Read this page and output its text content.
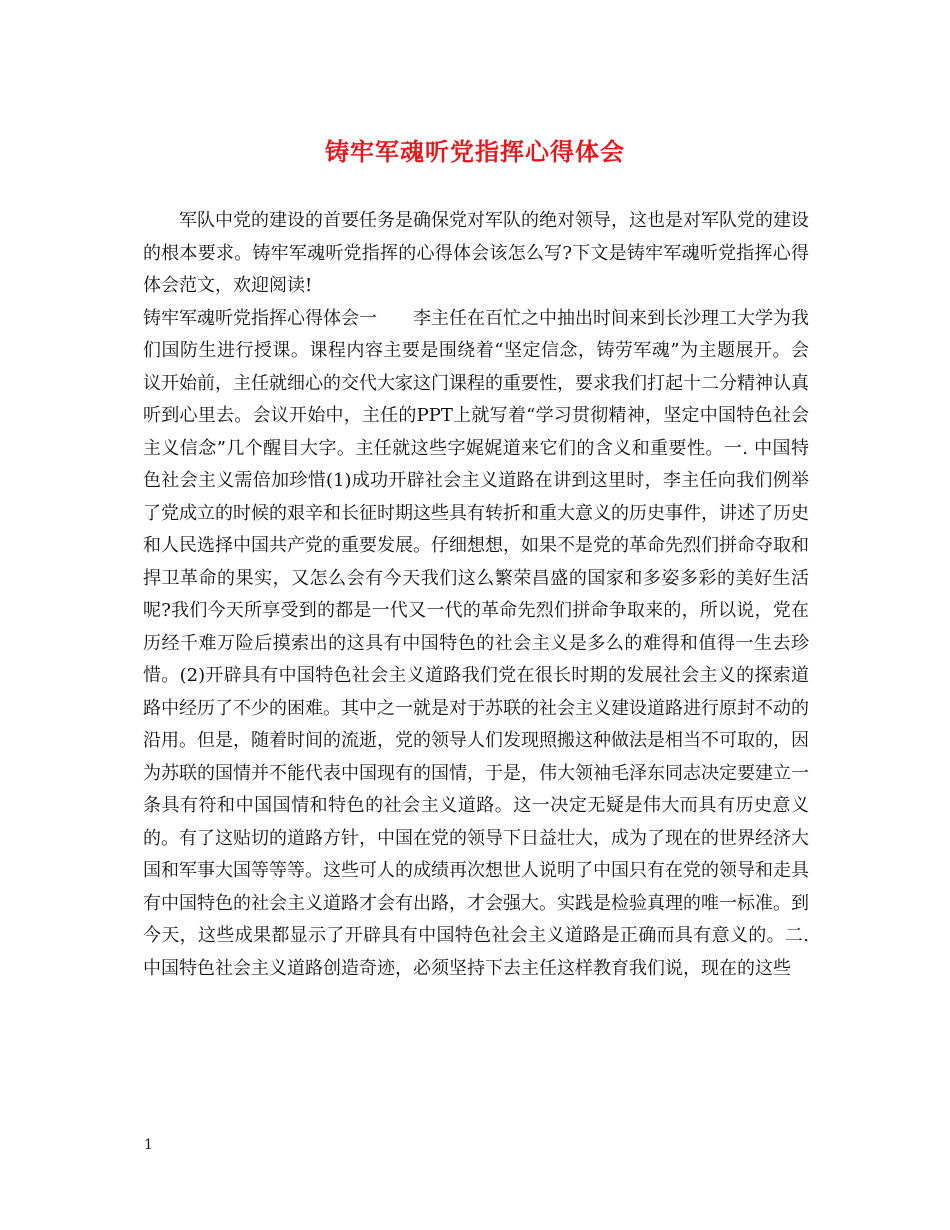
铸牢军魂听党指挥心得体会

军队中党的建设的首要任务是确保党对军队的绝对领导，这也是对军队党的建设的根本要求。铸牢军魂听党指挥的心得体会该怎么写?下文是铸牢军魂听党指挥心得体会范文，欢迎阅读!

铸牢军魂听党指挥心得体会一　　李主任在百忙之中抽出时间来到长沙理工大学为我们国防生进行授课。课程内容主要是围绕着“坚定信念，铸劳军魂”为主题展开。会议开始前，主任就细心的交代大家这门课程的重要性，要求我们打起十二分精神认真听到心里去。会议开始中，主任的PPT上就写着“学习贯彻精神，坚定中国特色社会主义信念”几个醒目大字。主任就这些字娓娓道来它们的含义和重要性。一. 中国特色社会主义需倍加珍惜(1)成功开辟社会主义道路在讲到这里时，李主任向我们例举了党成立的时候的艰辛和长征时期这些具有转折和重大意义的历史事件，讲述了历史和人民选择中国共产党的重要发展。仔细想想，如果不是党的革命先烈们拼命夺取和捍卫革命的果实，又怎么会有今天我们这么繁荣昌盛的国家和多姿多彩的美好生活呢?我们今天所享受到的都是一代又一代的革命先烈们拼命争取来的，所以说，党在历经千难万险后摸索出的这具有中国特色的社会主义是多么的难得和值得一生去珍惜。(2)开辟具有中国特色社会主义道路我们党在很长时期的发展社会主义的探索道路中经历了不少的困难。其中之一就是对于苏联的社会主义建设道路进行原封不动的沿用。但是，随着时间的流逝，党的领导人们发现照搬这种做法是相当不可取的，因为苏联的国情并不能代表中国现有的国情，于是，伟大领袖毛泽东同志决定要建立一条具有符和中国国情和特色的社会主义道路。这一决定无疑是伟大而具有历史意义的。有了这贴切的道路方针，中国在党的领导下日益壮大，成为了现在的世界经济大国和军事大国等等等。这些可人的成绩再次想世人说明了中国只有在党的领导和走具有中国特色的社会主义道路才会有出路，才会强大。实践是检验真理的唯一标准。到今天，这些成果都显示了开辟具有中国特色社会主义道路是正确而具有意义的。二. 中国特色社会主义道路创造奇迹，必须坚持下去主任这样教育我们说，现在的这些

1
